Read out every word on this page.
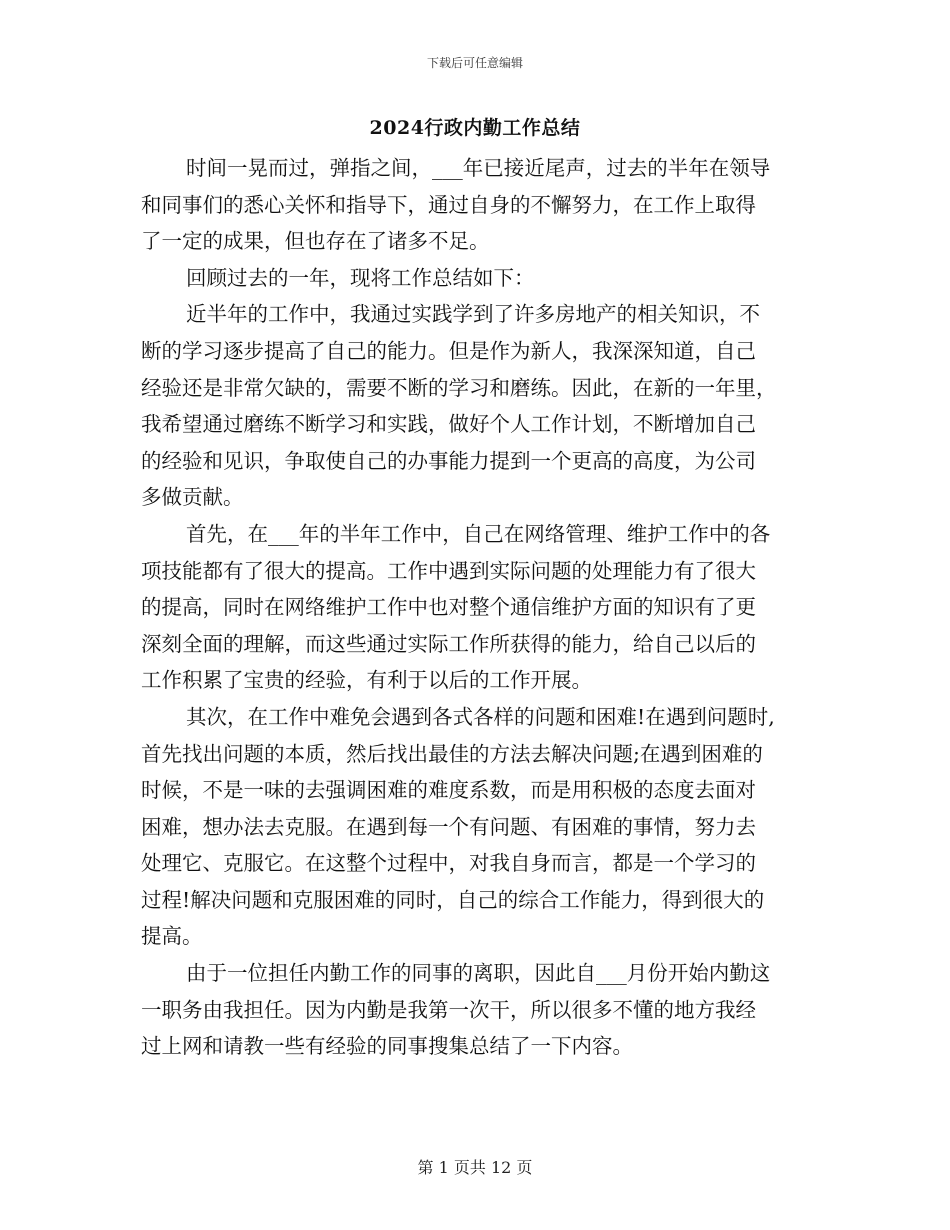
下载后可任意编辑
2024行政内勤工作总结
时间一晃而过，弹指之间，___年已接近尾声，过去的半年在领导
和同事们的悉心关怀和指导下，通过自身的不懈努力，在工作上取得
了一定的成果，但也存在了诸多不足。
回顾过去的一年，现将工作总结如下：
近半年的工作中，我通过实践学到了许多房地产的相关知识，不
断的学习逐步提高了自己的能力。但是作为新人，我深深知道，自己
经验还是非常欠缺的，需要不断的学习和磨练。因此，在新的一年里，
我希望通过磨练不断学习和实践，做好个人工作计划，不断增加自己
的经验和见识，争取使自己的办事能力提到一个更高的高度，为公司
多做贡献。
首先，在___年的半年工作中，自己在网络管理、维护工作中的各
项技能都有了很大的提高。工作中遇到实际问题的处理能力有了很大
的提高，同时在网络维护工作中也对整个通信维护方面的知识有了更
深刻全面的理解，而这些通过实际工作所获得的能力，给自己以后的
工作积累了宝贵的经验，有利于以后的工作开展。
其次，在工作中难免会遇到各式各样的问题和困难!在遇到问题时,
首先找出问题的本质，然后找出最佳的方法去解决问题;在遇到困难的
时候，不是一味的去强调困难的难度系数，而是用积极的态度去面对
困难，想办法去克服。在遇到每一个有问题、有困难的事情，努力去
处理它、克服它。在这整个过程中，对我自身而言，都是一个学习的
过程!解决问题和克服困难的同时，自己的综合工作能力，得到很大的
提高。
由于一位担任内勤工作的同事的离职，因此自___月份开始内勤这
一职务由我担任。因为内勤是我第一次干，所以很多不懂的地方我经
过上网和请教一些有经验的同事搜集总结了一下内容。
第 1 页共 12 页
